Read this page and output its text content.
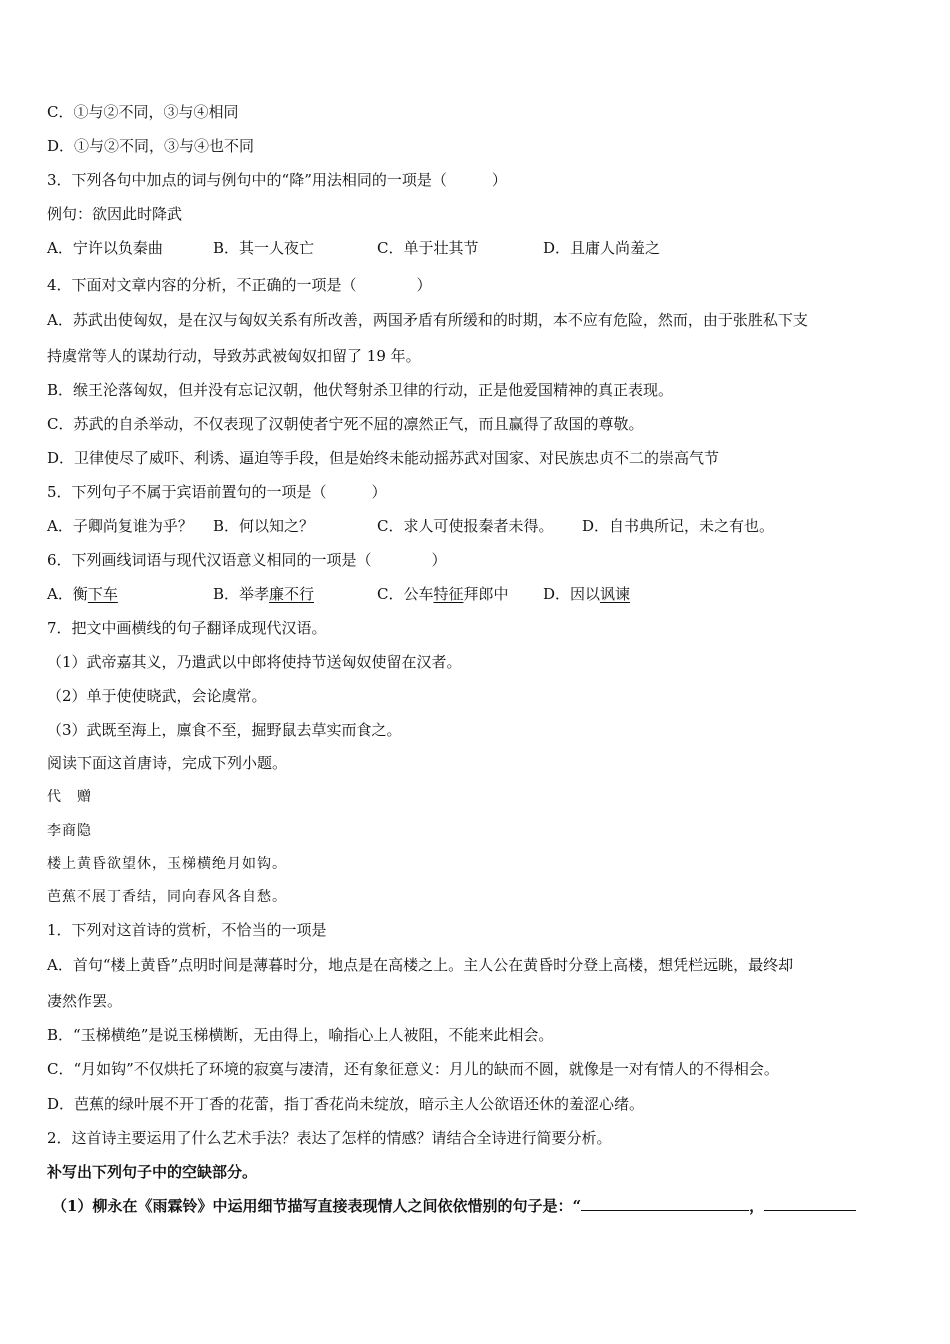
C．①与②不同，③与④相同
D．①与②不同，③与④也不同
3．下列各句中加点的词与例句中的“降”用法相同的一项是（　　　）
例句：欲因此时降武
A．宁许以负秦曲	B．其一人夜亡	C．单于壮其节	D．且庸人尚羞之
4．下面对文章内容的分析，不正确的一项是（　　　　）
A．苏武出使匈奴，是在汉与匈奴关系有所改善，两国矛盾有所缓和的时期，本不应有危险，然而，由于张胜私下支
持虞常等人的谋劫行动，导致苏武被匈奴扣留了 19 年。
B．缑王沦落匈奴，但并没有忘记汉朝，他伏弩射杀卫律的行动，正是他爱国精神的真正表现。
C．苏武的自杀举动，不仅表现了汉朝使者宁死不屈的凛然正气，而且赢得了敌国的尊敬。
D．卫律使尽了威吓、利诱、逼迫等手段，但是始终未能动摇苏武对国家、对民族忠贞不二的崇高气节
5．下列句子不属于宾语前置句的一项是（　　　）
A．子卿尚复谁为乎？ B．何以知之？	C．求人可使报秦者未得。 D．自书典所记，未之有也。
6．下列画线词语与现代汉语意义相同的一项是（　　　　）
A．衡下车	B．举孝廉不行	C．公车特征拜郎中 D．因以讽谏
7．把文中画横线的句子翻译成现代汉语。
（1）武帝嘉其义，乃遣武以中郎将使持节送匈奴使留在汉者。
（2）单于使使晓武，会论虞常。
（3）武既至海上，廪食不至，掘野鼠去草实而食之。
阅读下面这首唐诗，完成下列小题。
代　赠
李商隐
楼上黄昏欲望休，玉梯横绝月如钩。
芭蕉不展丁香结，同向春风各自愁。
1．下列对这首诗的赏析，不恰当的一项是
A．首句“楼上黄昏”点明时间是薄暮时分，地点是在高楼之上。主人公在黄昏时分登上高楼，想凭栏远眺，最终却
凄然作罢。
B．“玉梯横绝”是说玉梯横断，无由得上，喻指心上人被阻，不能来此相会。
C．“月如钩”不仅烘托了环境的寂寞与凄清，还有象征意义：月儿的缺而不圆，就像是一对有情人的不得相会。
D．芭蕉的绿叶展不开丁香的花蕾，指丁香花尚未绽放，暗示主人公欲语还休的羞涩心绪。
2．这首诗主要运用了什么艺术手法？表达了怎样的情感？请结合全诗进行简要分析。
补写出下列句子中的空缺部分。
（1）柳永在《雨霖铃》中运用细节描写直接表现情人之间依依惜别的句子是：“	，
